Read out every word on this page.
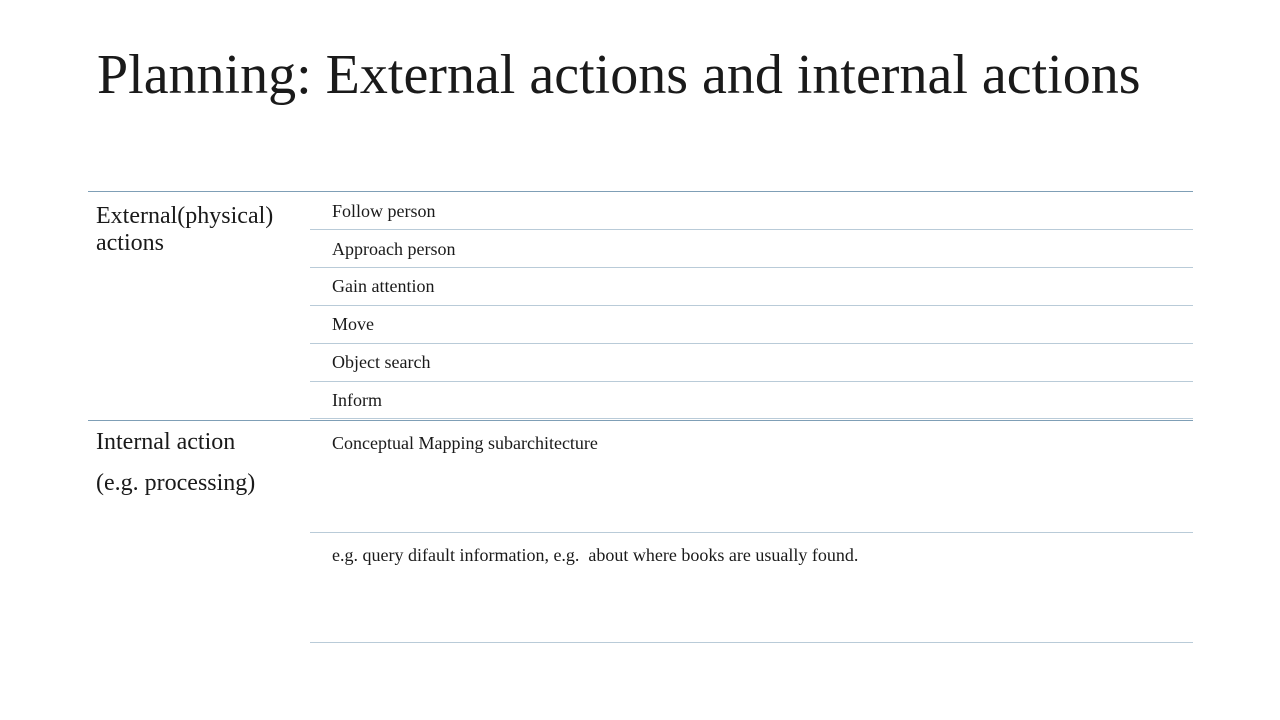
Planning: External actions and internal actions
External(physical) actions
Follow person
Approach person
Gain attention
Move
Object search
Inform
Internal action
(e.g. processing)
Conceptual Mapping subarchitecture
e.g. query difault information, e.g.  about where books are usually found.
